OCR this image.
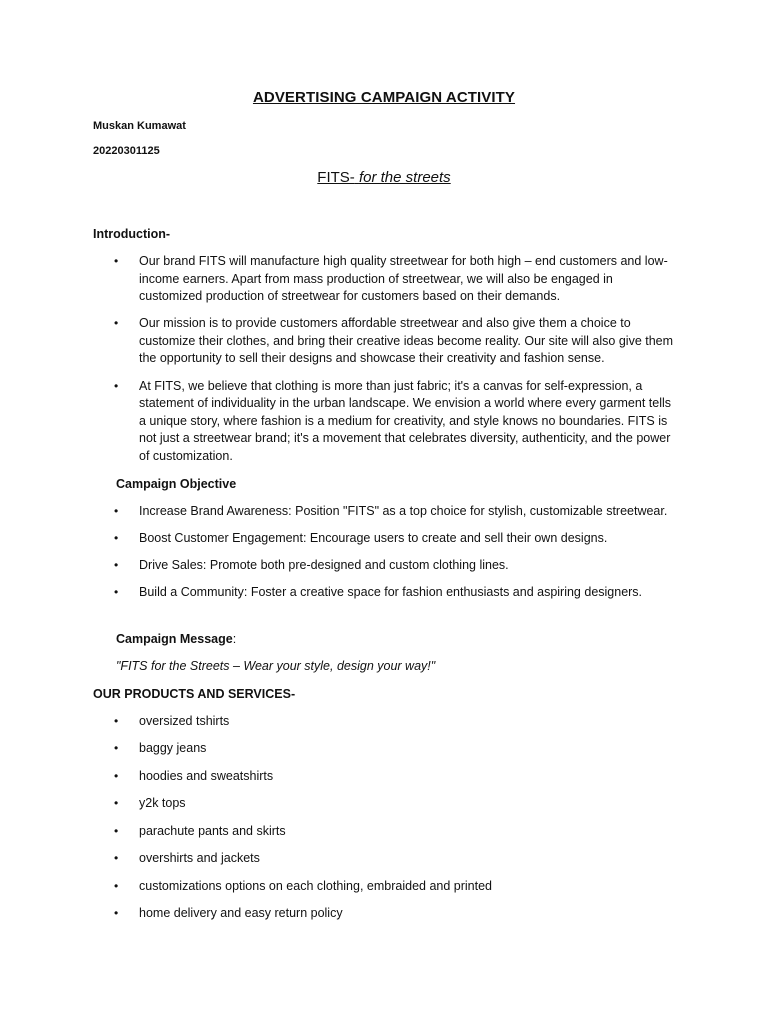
ADVERTISING CAMPAIGN ACTIVITY
Muskan Kumawat
20220301125
FITS- for the streets
Introduction-
• Our brand FITS will manufacture high quality streetwear for both high – end customers and low-income earners. Apart from mass production of streetwear, we will also be engaged in customized production of streetwear for customers based on their demands.
• Our mission is to provide customers affordable streetwear and also give them a choice to customize their clothes, and bring their creative ideas become reality. Our site will also give them the opportunity to sell their designs and showcase their creativity and fashion sense.
• At FITS, we believe that clothing is more than just fabric; it's a canvas for self-expression, a statement of individuality in the urban landscape. We envision a world where every garment tells a unique story, where fashion is a medium for creativity, and style knows no boundaries. FITS is not just a streetwear brand; it's a movement that celebrates diversity, authenticity, and the power of customization.
Campaign Objective
• Increase Brand Awareness: Position "FITS" as a top choice for stylish, customizable streetwear.
• Boost Customer Engagement: Encourage users to create and sell their own designs.
• Drive Sales: Promote both pre-designed and custom clothing lines.
• Build a Community: Foster a creative space for fashion enthusiasts and aspiring designers.
Campaign Message:
"FITS for the Streets – Wear your style, design your way!"
OUR PRODUCTS AND SERVICES-
• oversized tshirts
• baggy jeans
• hoodies and sweatshirts
• y2k tops
• parachute pants and skirts
• overshirts and jackets
• customizations options on each clothing, embraided and printed
• home delivery and easy return policy
